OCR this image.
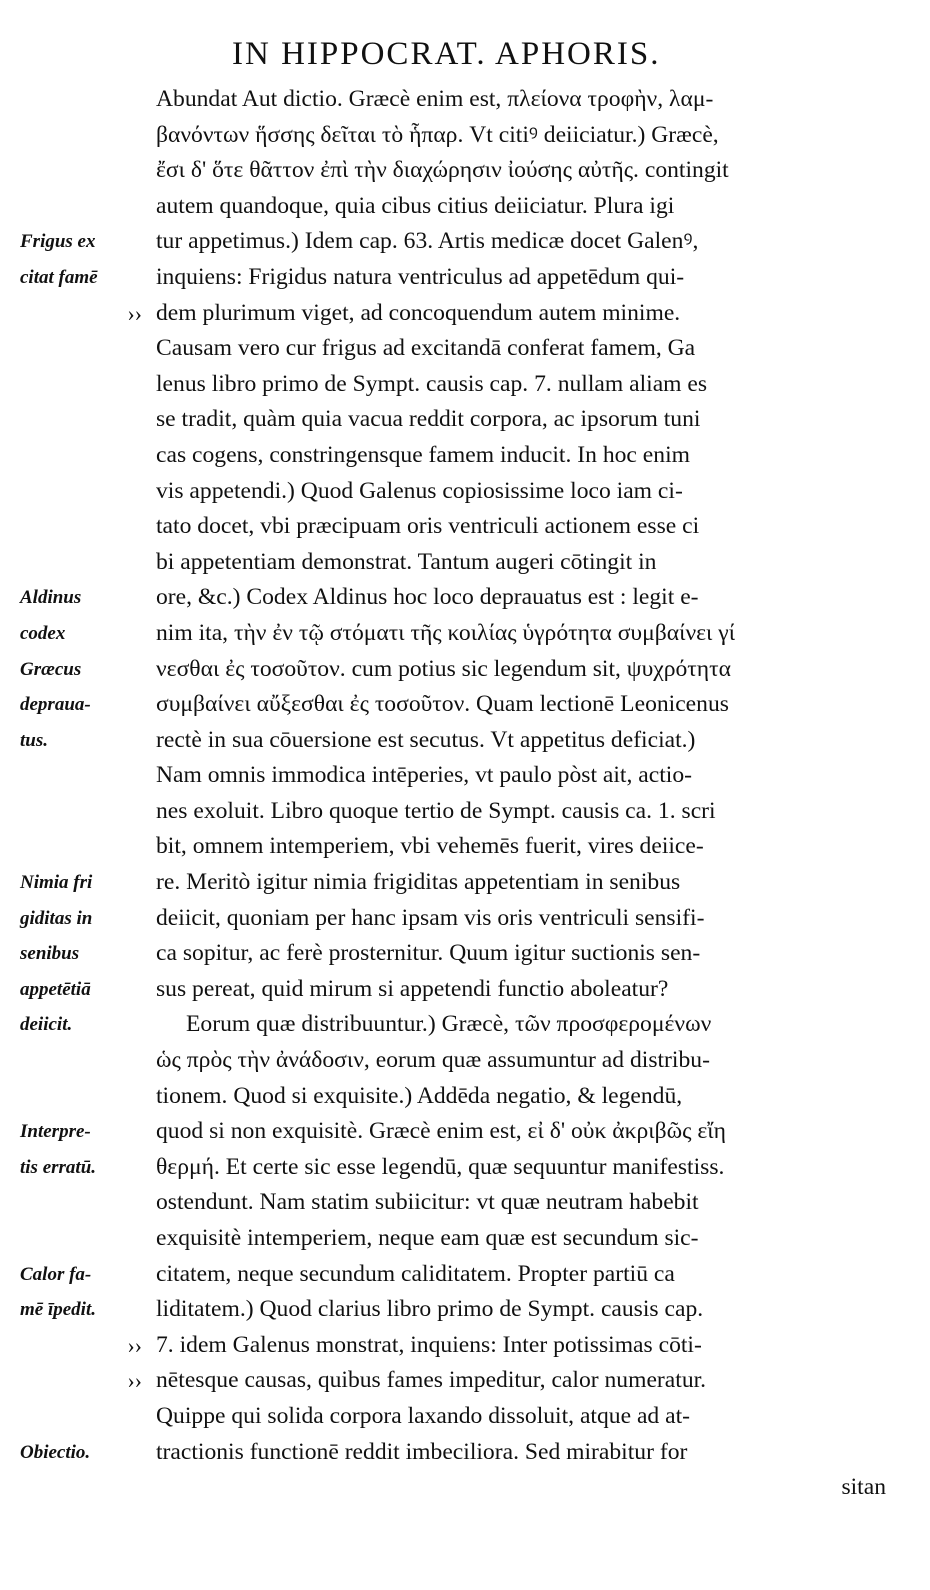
IN HIPPOCRAT. APHORIS.
Frigus ex
citat famē
››
Aldinus
codex
Græcus
deprauа-
tus.
Nimia fri
giditas in
senibus
appetētiā
deiicit.
Interpre-
tis erratū.
Calor fa-
mē īpedit.
››
››
Obiectio.
Abundat Aut dictio. Græcè enim est, πλείονα τροφὴν, λαμ-
βανόντων ἥσσης δεῖται τὸ ἧπαρ. Vt citiꝰ deiiciatur.) Græcè,
ἔσι δ' ὅτε θᾶττον ἐπὶ τὴν διαχώρησιν ἰούσης αὐτῆς. contingit
autem quandoque, quia cibus citius deiiciatur. Plura igi
tur appetimus.) Idem cap. 63. Artis medicæ docet Galenꝰ,
inquiens: Frigidus natura ventriculus ad appetēdum qui-
dem plurimum viget, ad concoquendum autem minime.
Causam vero cur frigus ad excitandā conferat famem, Ga
lenus libro primo de Sympt. causis cap. 7. nullam aliam es
se tradit, quàm quia vacua reddit corpora, ac ipsorum tuni
cas cogens, constringensque famem inducit. In hoc enim
vis appetendi.) Quod Galenus copiosissime loco iam ci-
tato docet, vbi præcipuam oris ventriculi actionem esse ci
bi appetentiam demonstrat. Tantum augeri cōtingit in
ore, &c.) Codex Aldinus hoc loco deprauatus est : legit e-
nim ita, τὴν ἐν τῷ στόματι τῆς κοιλίας ὑγρότητα συμβαίνει γί
νεσθαι ἐς τοσοῦτον. cum potius sic legendum sit, ψυχρότητα
συμβαίνει αὔξεσθαι ἐς τοσοῦτον. Quam lectionē Leonicenus
rectè in sua cōuersione est secutus. Vt appetitus deficiat.)
Nam omnis immodica intēperies, vt paulo pòst ait, actio-
nes exoluit. Libro quoque tertio de Sympt. causis ca. 1. scri
bit, omnem intemperiem, vbi vehemēs fuerit, vires deiice-
re. Meritò igitur nimia frigiditas appetentiam in senibus
deiicit, quoniam per hanc ipsam vis oris ventriculi sensifi-
ca sopitur, ac ferè prosternitur. Quum igitur suctionis sen-
sus pereat, quid mirum si appetendi functio aboleatur?
Eorum quæ distribuuntur.) Græcè, τῶν προσφερομένων
ὡς πρὸς τὴν ἀνάδοσιν, eorum quæ assumuntur ad distribu-
tionem. Quod si exquisite.) Addēda negatio, & legendū,
quod si non exquisitè. Græcè enim est, εἰ δ' οὐκ ἀκριβῶς εἴη
θερμή. Et certe sic esse legendū, quæ sequuntur manifestiss.
ostendunt. Nam statim subiicitur: vt quæ neutram habebit
exquisitè intemperiem, neque eam quæ est secundum sic-
citatem, neque secundum caliditatem. Propter partiū ca
liditatem.) Quod clarius libro primo de Sympt. causis cap.
7. idem Galenus monstrat, inquiens: Inter potissimas cōti-
nētesque causas, quibus fames impeditur, calor numeratur.
Quippe qui solida corpora laxando dissoluit, atque ad at-
tractionis functionē reddit imbeciliora. Sed mirabitur for
sitan
